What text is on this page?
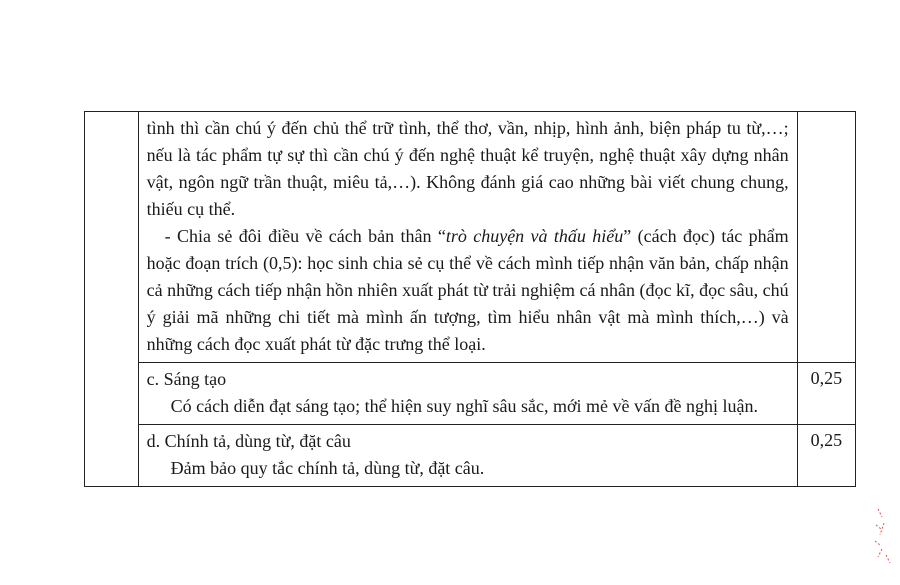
	tình thì cần chú ý đến chủ thể trữ tình, thể thơ, vần, nhịp, hình ảnh, biện pháp tu từ,…; nếu là tác phẩm tự sự thì cần chú ý đến nghệ thuật kể truyện, nghệ thuật xây dựng nhân vật, ngôn ngữ trần thuật, miêu tả,…). Không đánh giá cao những bài viết chung chung, thiếu cụ thể.

- Chia sẻ đôi điều về cách bản thân “trò chuyện và thấu hiểu” (cách đọc) tác phẩm hoặc đoạn trích (0,5): học sinh chia sẻ cụ thể về cách mình tiếp nhận văn bản, chấp nhận cả những cách tiếp nhận hồn nhiên xuất phát từ trải nghiệm cá nhân (đọc kĩ, đọc sâu, chú ý giải mã những chi tiết mà mình ấn tượng, tìm hiểu nhân vật mà mình thích,…) và những cách đọc xuất phát từ đặc trưng thể loại.	

	c. Sáng tạo

Có cách diễn đạt sáng tạo; thể hiện suy nghĩ sâu sắc, mới mẻ về vấn đề nghị luận.	0,25

	d. Chính tả, dùng từ, đặt câu

Đảm bảo quy tắc chính tả, dùng từ, đặt câu.	0,25
